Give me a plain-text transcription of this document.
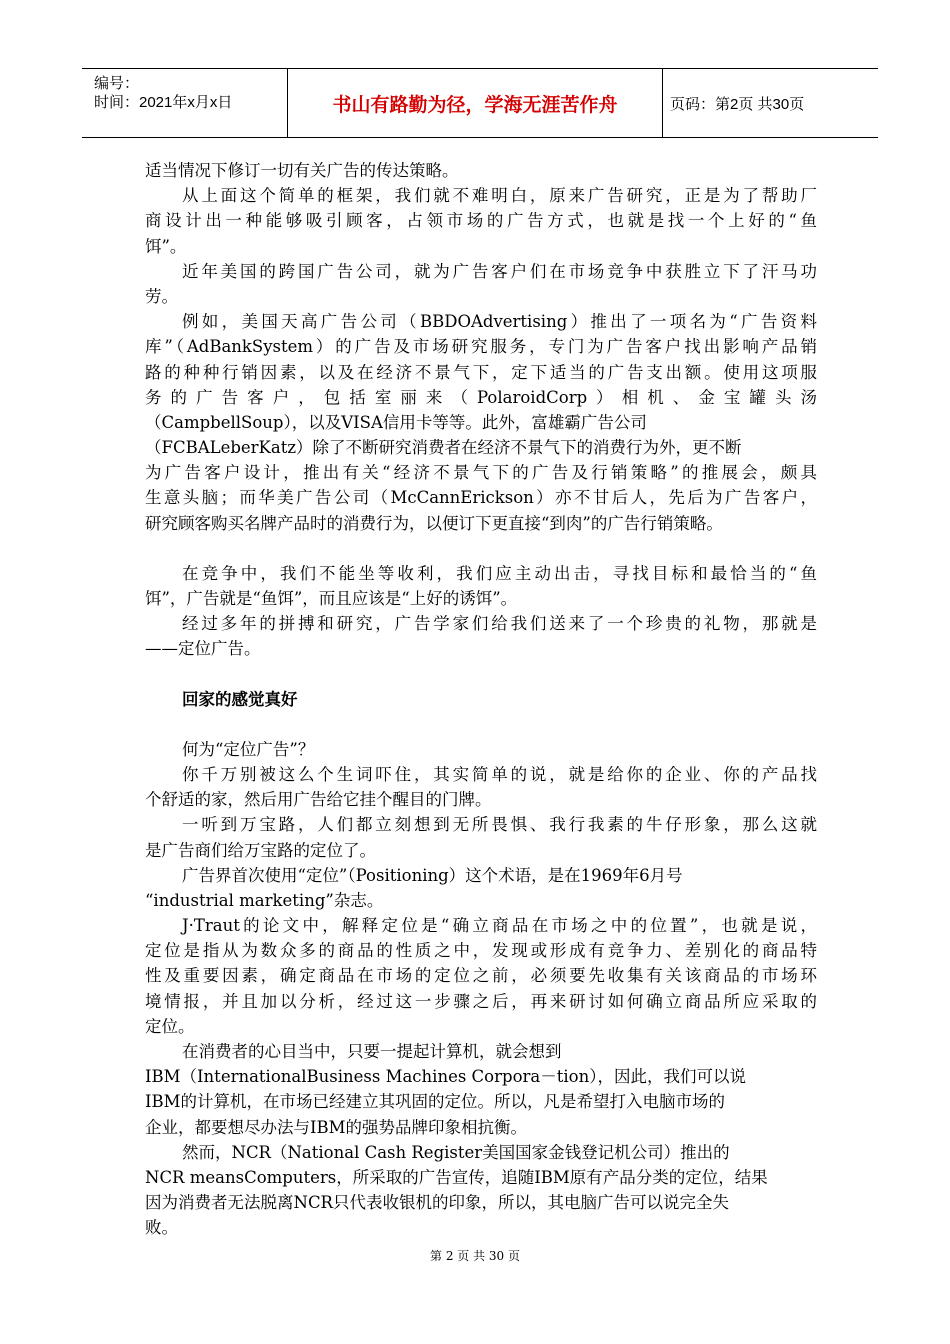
编号：
时间：2021年x月x日	书山有路勤为径，学海无涯苦作舟	页码：第2页 共30页
适当情况下修订一切有关广告的传达策略。
从上面这个简单的框架，我们就不难明白，原来广告研究，正是为了帮助厂
商设计出一种能够吸引顾客，占领市场的广告方式，也就是找一个上好的“鱼
饵”。
近年美国的跨国广告公司，就为广告客户们在市场竞争中获胜立下了汗马功
劳。
例如，美国天高广告公司（BBDOAdvertising）推出了一项名为“广告资料
库”（AdBankSystem）的广告及市场研究服务，专门为广告客户找出影响产品销
路的种种行销因素，以及在经济不景气下，定下适当的广告支出额。使用这项服
务的广告客户，包括室丽来（PolaroidCorp）相机、金宝罐头汤
（CampbellSoup），以及VISA信用卡等等。此外，富雄霸广告公司
（FCBALeberKatz）除了不断研究消费者在经济不景气下的消费行为外，更不断
为广告客户设计，推出有关“经济不景气下的广告及行销策略”的推展会，颇具
生意头脑；而华美广告公司（McCannErickson）亦不甘后人，先后为广告客户，
研究顾客购买名牌产品时的消费行为，以便订下更直接“到肉”的广告行销策略。
在竞争中，我们不能坐等收利，我们应主动出击，寻找目标和最恰当的“鱼
饵”，广告就是“鱼饵”，而且应该是“上好的诱饵”。
经过多年的拼搏和研究，广告学家们给我们送来了一个珍贵的礼物，那就是
——定位广告。
回家的感觉真好
何为“定位广告”？
你千万别被这么个生词吓住，其实简单的说，就是给你的企业、你的产品找
个舒适的家，然后用广告给它挂个醒目的门牌。
一听到万宝路，人们都立刻想到无所畏惧、我行我素的牛仔形象，那么这就
是广告商们给万宝路的定位了。
广告界首次使用“定位”（Positioning）这个术语，是在1969年6月号
“industrial marketing”杂志。
J·Traut的论文中，解释定位是“确立商品在市场之中的位置”，也就是说，
定位是指从为数众多的商品的性质之中，发现或形成有竞争力、差别化的商品特
性及重要因素，确定商品在市场的定位之前，必须要先收集有关该商品的市场环
境情报，并且加以分析，经过这一步骤之后，再来研讨如何确立商品所应采取的
定位。
在消费者的心目当中，只要一提起计算机，就会想到
IBM（InternationalBusiness Machines Corpora－tion），因此，我们可以说
IBM的计算机，在市场已经建立其巩固的定位。所以，凡是希望打入电脑市场的
企业，都要想尽办法与IBM的强势品牌印象相抗衡。
然而，NCR（National Cash Register美国国家金钱登记机公司）推出的
NCR meansComputers，所采取的广告宣传，追随IBM原有产品分类的定位，结果
因为消费者无法脱离NCR只代表收银机的印象，所以，其电脑广告可以说完全失
败。
第 2 页 共 30 页
